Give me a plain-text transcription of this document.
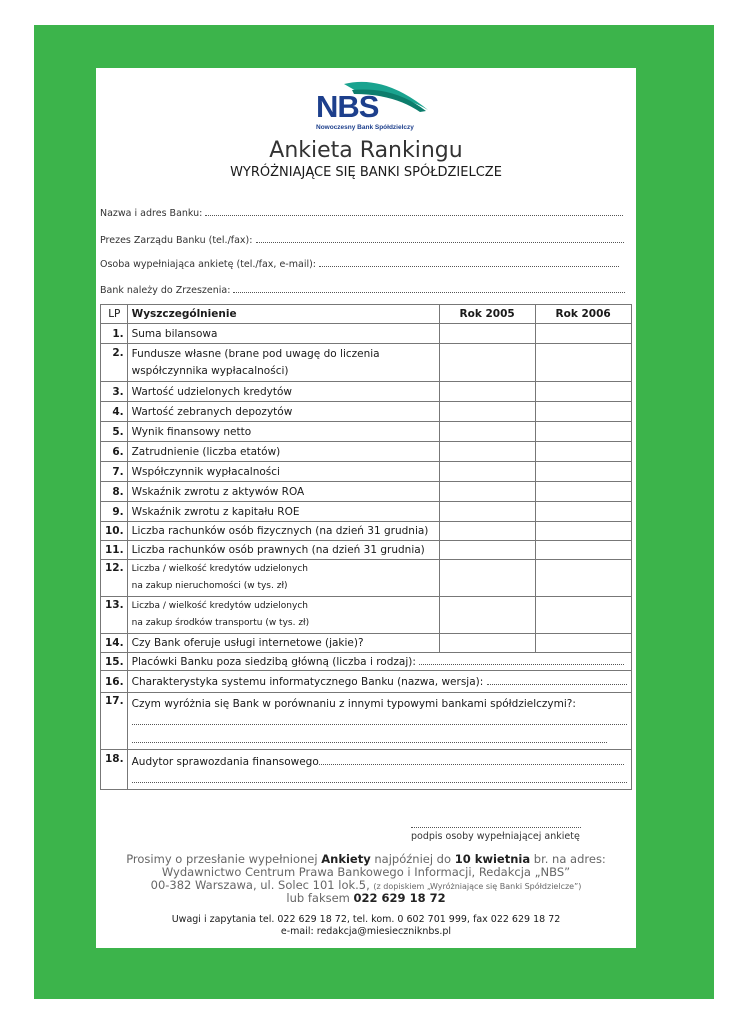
NBS
Nowoczesny Bank Spółdzielczy
Ankieta Rankingu
WYRÓŻNIAJĄCE SIĘ BANKI SPÓŁDZIELCZE
Nazwa i adres Banku:
Prezes Zarządu Banku (tel./fax):
Osoba wypełniająca ankietę (tel./fax, e-mail):
Bank należy do Zrzeszenia:
LP	Wyszczególnienie	Rok 2005	Rok 2006
1.	Suma bilansowa		
2.	Fundusze własne (brane pod uwagę do liczenia
współczynnika wypłacalności)		
3.	Wartość udzielonych kredytów		
4.	Wartość zebranych depozytów		
5.	Wynik finansowy netto		
6.	Zatrudnienie (liczba etatów)		
7.	Współczynnik wypłacalności		
8.	Wskaźnik zwrotu z aktywów ROA		
9.	Wskaźnik zwrotu z kapitału ROE		
10.	Liczba rachunków osób fizycznych (na dzień 31 grudnia)		
11.	Liczba rachunków osób prawnych (na dzień 31 grudnia)		
12.	Liczba / wielkość kredytów udzielonych
na zakup nieruchomości (w tys. zł)		
13.	Liczba / wielkość kredytów udzielonych
na zakup środków transportu (w tys. zł)		
14.	Czy Bank oferuje usługi internetowe (jakie)?		
15.	Placówki Banku poza siedzibą główną (liczba i rodzaj):		
16.	Charakterystyka systemu informatycznego Banku (nazwa, wersja):		
17.	Czym wyróżnia się Bank w porównaniu z innymi typowymi bankami spółdzielczymi?:		

18.	Audytor sprawozdania finansowego		

podpis osoby wypełniającej ankietę
Prosimy o przesłanie wypełnionej Ankiety najpóźniej do 10 kwietnia br. na adres:
Wydawnictwo Centrum Prawa Bankowego i Informacji, Redakcja „NBS”
00-382 Warszawa, ul. Solec 101 lok.5, (z dopiskiem „Wyróżniające się Banki Spółdzielcze”)
lub faksem 022 629 18 72
Uwagi i zapytania tel. 022 629 18 72, tel. kom. 0 602 701 999, fax 022 629 18 72
e-mail: redakcja@miesieczniknbs.pl
